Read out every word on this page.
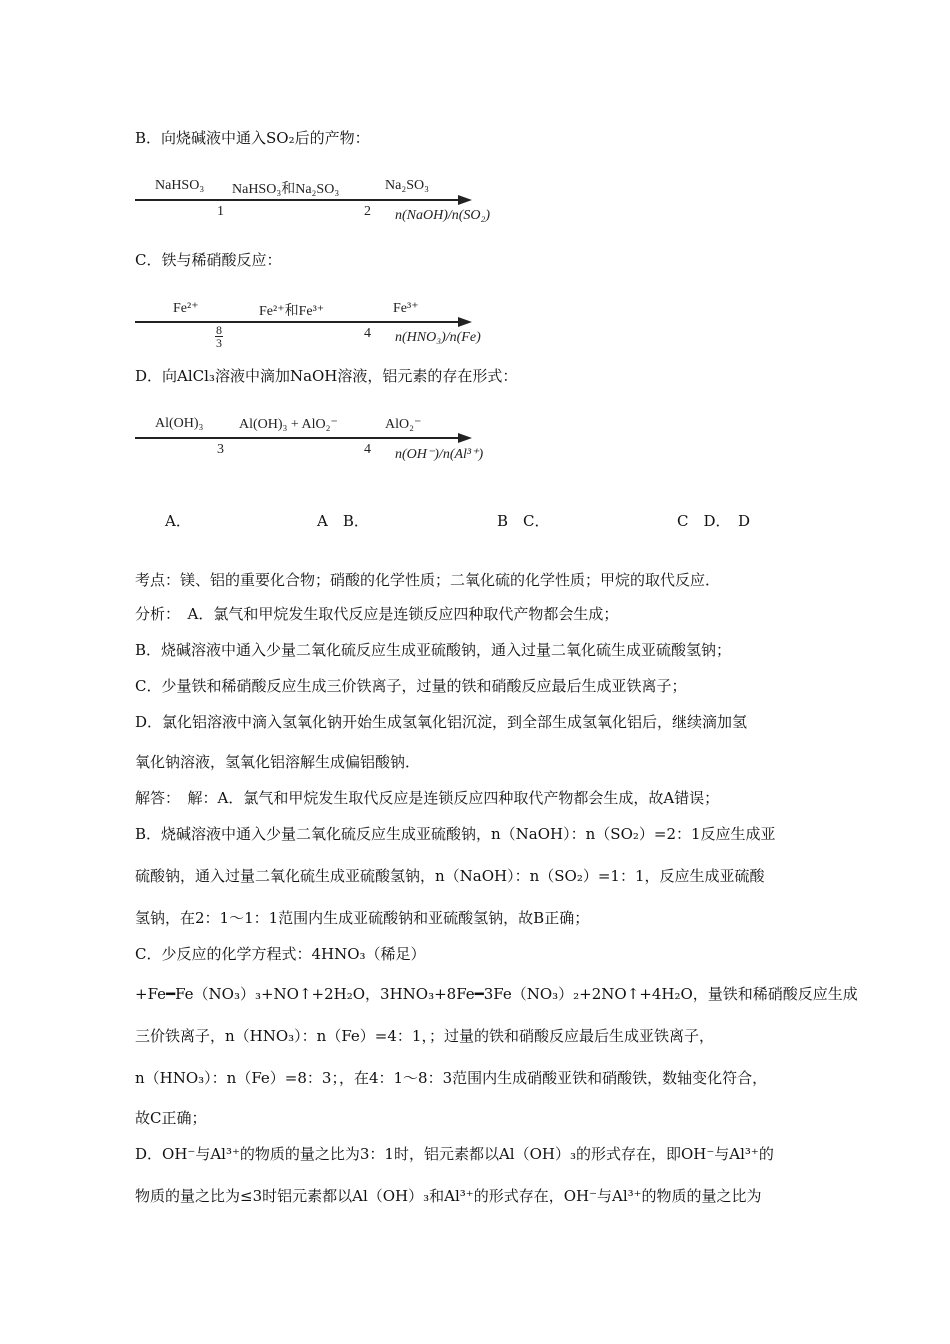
B．向烧碱液中通入SO₂后的产物：
NaHSO₃ NaHSO₃和Na₂SO₃	Na₂SO₃
1	2 n(NaOH)/n(SO₂)
C．铁与稀硝酸反应：
Fe²⁺	Fe²⁺和Fe³⁺	Fe³⁺
$\frac{8}{3}$	4 n(HNO₃)/n(Fe)
D．向AlCl₃溶液中滴加NaOH溶液，铝元素的存在形式：
Al(OH)₃	Al(OH)₃ + AlO₂⁻	AlO₂⁻
3	4 n(OH⁻)/n(Al³⁺)
A．	A　B．	B　C．	C　D．　D
考点：镁、铝的重要化合物；硝酸的化学性质；二氧化硫的化学性质；甲烷的取代反应．
分析：　A．氯气和甲烷发生取代反应是连锁反应四种取代产物都会生成；
B．烧碱溶液中通入少量二氧化硫反应生成亚硫酸钠，通入过量二氧化硫生成亚硫酸氢钠；
C．少量铁和稀硝酸反应生成三价铁离子，过量的铁和硝酸反应最后生成亚铁离子；
D．氯化铝溶液中滴入氢氧化钠开始生成氢氧化铝沉淀，到全部生成氢氧化铝后，继续滴加氢
氧化钠溶液，氢氧化铝溶解生成偏铝酸钠．
解答：　解：A．氯气和甲烷发生取代反应是连锁反应四种取代产物都会生成，故A错误；
B．烧碱溶液中通入少量二氧化硫反应生成亚硫酸钠，n（NaOH）：n（SO₂）=2：1反应生成亚
硫酸钠，通入过量二氧化硫生成亚硫酸氢钠，n（NaOH）：n（SO₂）=1：1，反应生成亚硫酸
氢钠，在2：1～1：1范围内生成亚硫酸钠和亚硫酸氢钠，故B正确；
C．少反应的化学方程式：4HNO₃（稀足）
+Fe━Fe（NO₃）₃+NO↑+2H₂O，3HNO₃+8Fe━3Fe（NO₃）₂+2NO↑+4H₂O，量铁和稀硝酸反应生成
三价铁离子，n（HNO₃）：n（Fe）=4：1，；过量的铁和硝酸反应最后生成亚铁离子，
n（HNO₃）：n（Fe）=8：3；，在4：1～8：3范围内生成硝酸亚铁和硝酸铁，数轴变化符合，
故C正确；
D．OH⁻与Al³⁺的物质的量之比为3：1时，铝元素都以Al（OH）₃的形式存在，即OH⁻与Al³⁺的
物质的量之比为≤3时铝元素都以Al（OH）₃和Al³⁺的形式存在，OH⁻与Al³⁺的物质的量之比为
